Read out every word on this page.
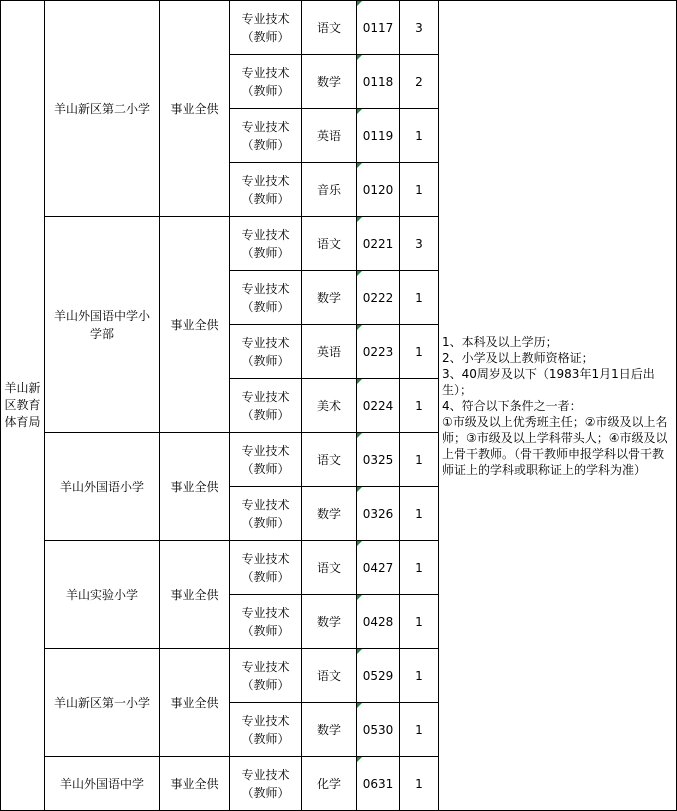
羊山新区教育体育局	羊山新区第二小学	事业全供	专业技术（教师）	语文	0117	3	1、本科及以上学历；
2、小学及以上教师资格证；
3、40周岁及以下（1983年1月1日后出生）；
4、符合以下条件之一者：
①市级及以上优秀班主任；②市级及以上名师；③市级及以上学科带头人；④市级及以上骨干教师。（骨干教师申报学科以骨干教师证上的学科或职称证上的学科为准）

			专业技术（教师）	数学	0118	2	
			专业技术（教师）	英语	0119	1	
			专业技术（教师）	音乐	0120	1	
	羊山外国语中学小学部	事业全供	专业技术（教师）	语文	0221	3	
			专业技术（教师）	数学	0222	1	
			专业技术（教师）	英语	0223	1	
			专业技术（教师）	美术	0224	1	
	羊山外国语小学	事业全供	专业技术（教师）	语文	0325	1	
			专业技术（教师）	数学	0326	1	
	羊山实验小学	事业全供	专业技术（教师）	语文	0427	1	
			专业技术（教师）	数学	0428	1	
	羊山新区第一小学	事业全供	专业技术（教师）	语文	0529	1	
			专业技术（教师）	数学	0530	1	
	羊山外国语中学	事业全供	专业技术（教师）	化学	0631	1	
